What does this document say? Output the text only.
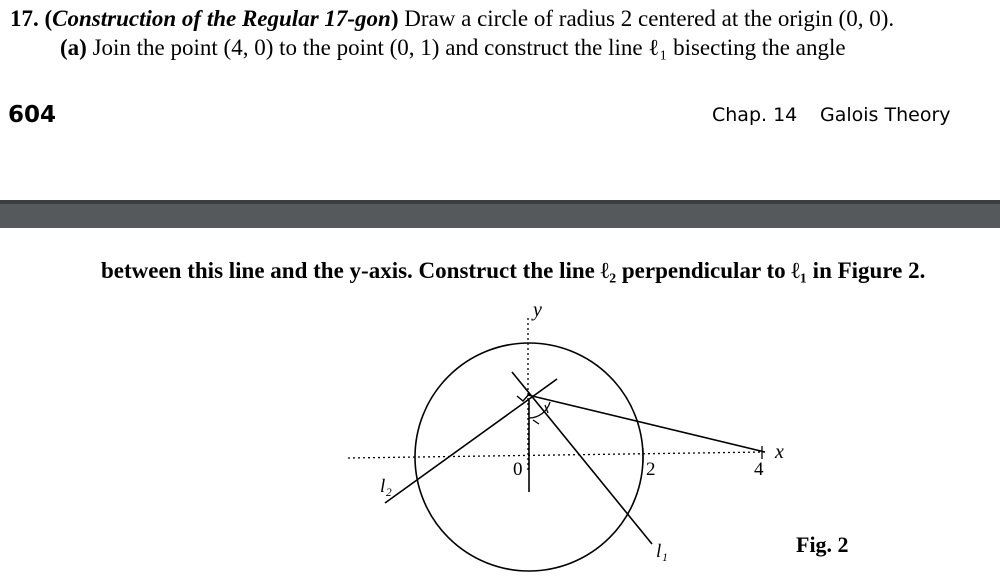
17. (Construction of the Regular 17-gon) Draw a circle of radius 2 centered at the origin (0, 0).
(a) Join the point (4, 0) to the point (0, 1) and construct the line ℓ₁ bisecting the angle
604	Chap. 14 Galois Theory
between this line and the y-axis. Construct the line ℓ₂ perpendicular to ℓ₁ in Figure 2.
y
x
0	2	4
l₁
l₂
Fig. 2
